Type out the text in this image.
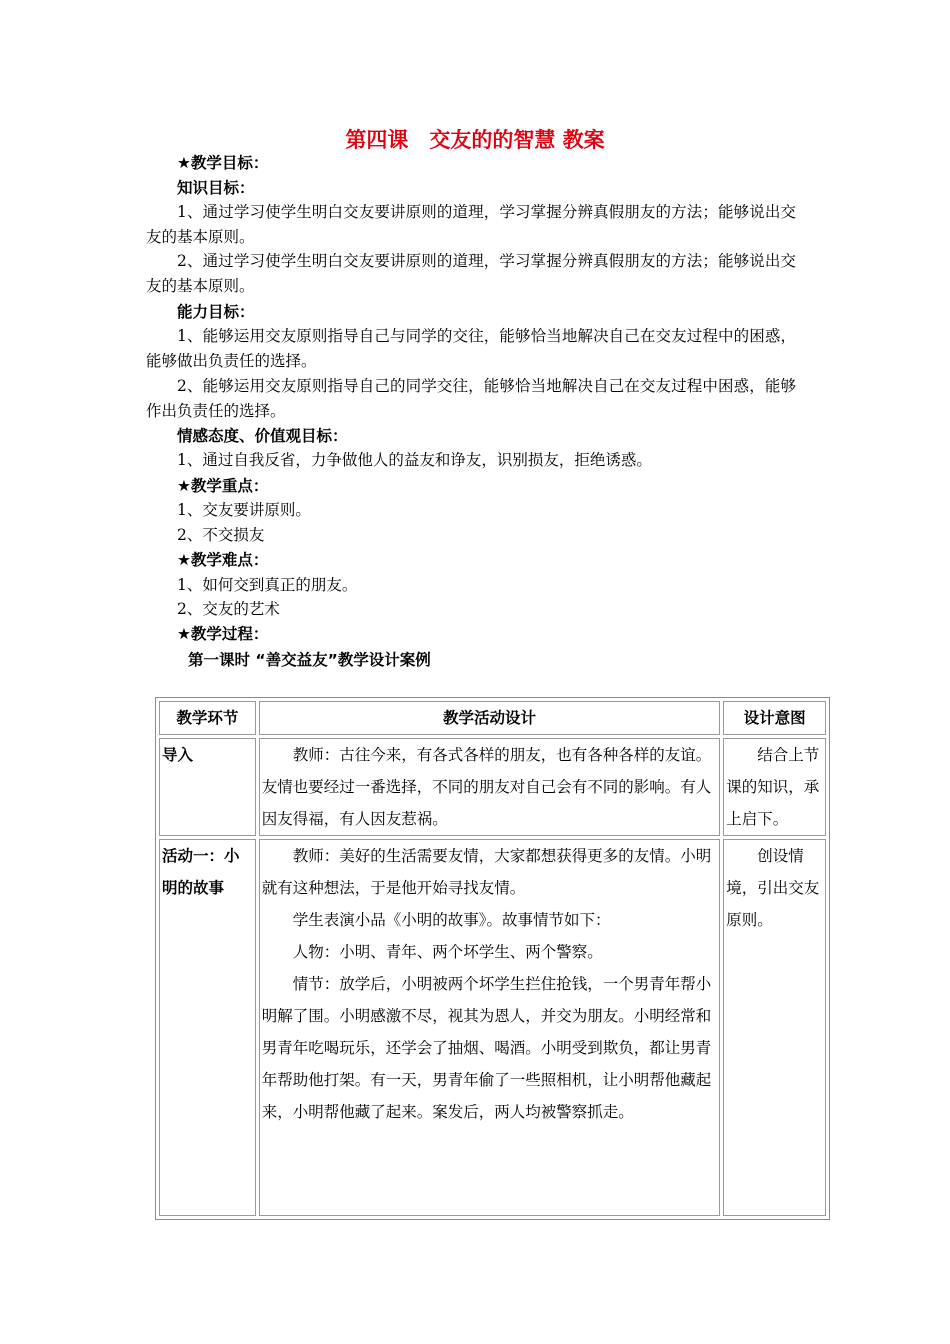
第四课　交友的的智慧 教案
★教学目标：
知识目标：
1、通过学习使学生明白交友要讲原则的道理，学习掌握分辨真假朋友的方法；能够说出交友的基本原则。
2、通过学习使学生明白交友要讲原则的道理，学习掌握分辨真假朋友的方法；能够说出交友的基本原则。
能力目标：
1、能够运用交友原则指导自己与同学的交往，能够恰当地解决自己在交友过程中的困惑，能够做出负责任的选择。
2、能够运用交友原则指导自己的同学交往，能够恰当地解决自己在交友过程中困惑，能够作出负责任的选择。
情感态度、价值观目标：
1、通过自我反省，力争做他人的益友和诤友，识别损友，拒绝诱惑。
★教学重点：
1、交友要讲原则。
2、不交损友
★教学难点：
1、如何交到真正的朋友。
2、交友的艺术
★教学过程：
第一课时 “善交益友”教学设计案例
教学环节	教学活动设计	设计意图

导入	教师：古往今来，有各式各样的朋友，也有各种各样的友谊。友情也要经过一番选择，不同的朋友对自己会有不同的影响。有人因友得福，有人因友惹祸。	结合上节课的知识，承上启下。

活动一：小明的故事	教师：美好的生活需要友情，大家都想获得更多的友情。小明就有这种想法，于是他开始寻找友情。

学生表演小品《小明的故事》。故事情节如下：

人物：小明、青年、两个坏学生、两个警察。

情节：放学后，小明被两个坏学生拦住抢钱，一个男青年帮小明解了围。小明感激不尽，视其为恩人，并交为朋友。小明经常和男青年吃喝玩乐，还学会了抽烟、喝酒。小明受到欺负，都让男青年帮助他打架。有一天，男青年偷了一些照相机，让小明帮他藏起来，小明帮他藏了起来。案发后，两人均被警察抓走。	创设情境，引出交友原则。
